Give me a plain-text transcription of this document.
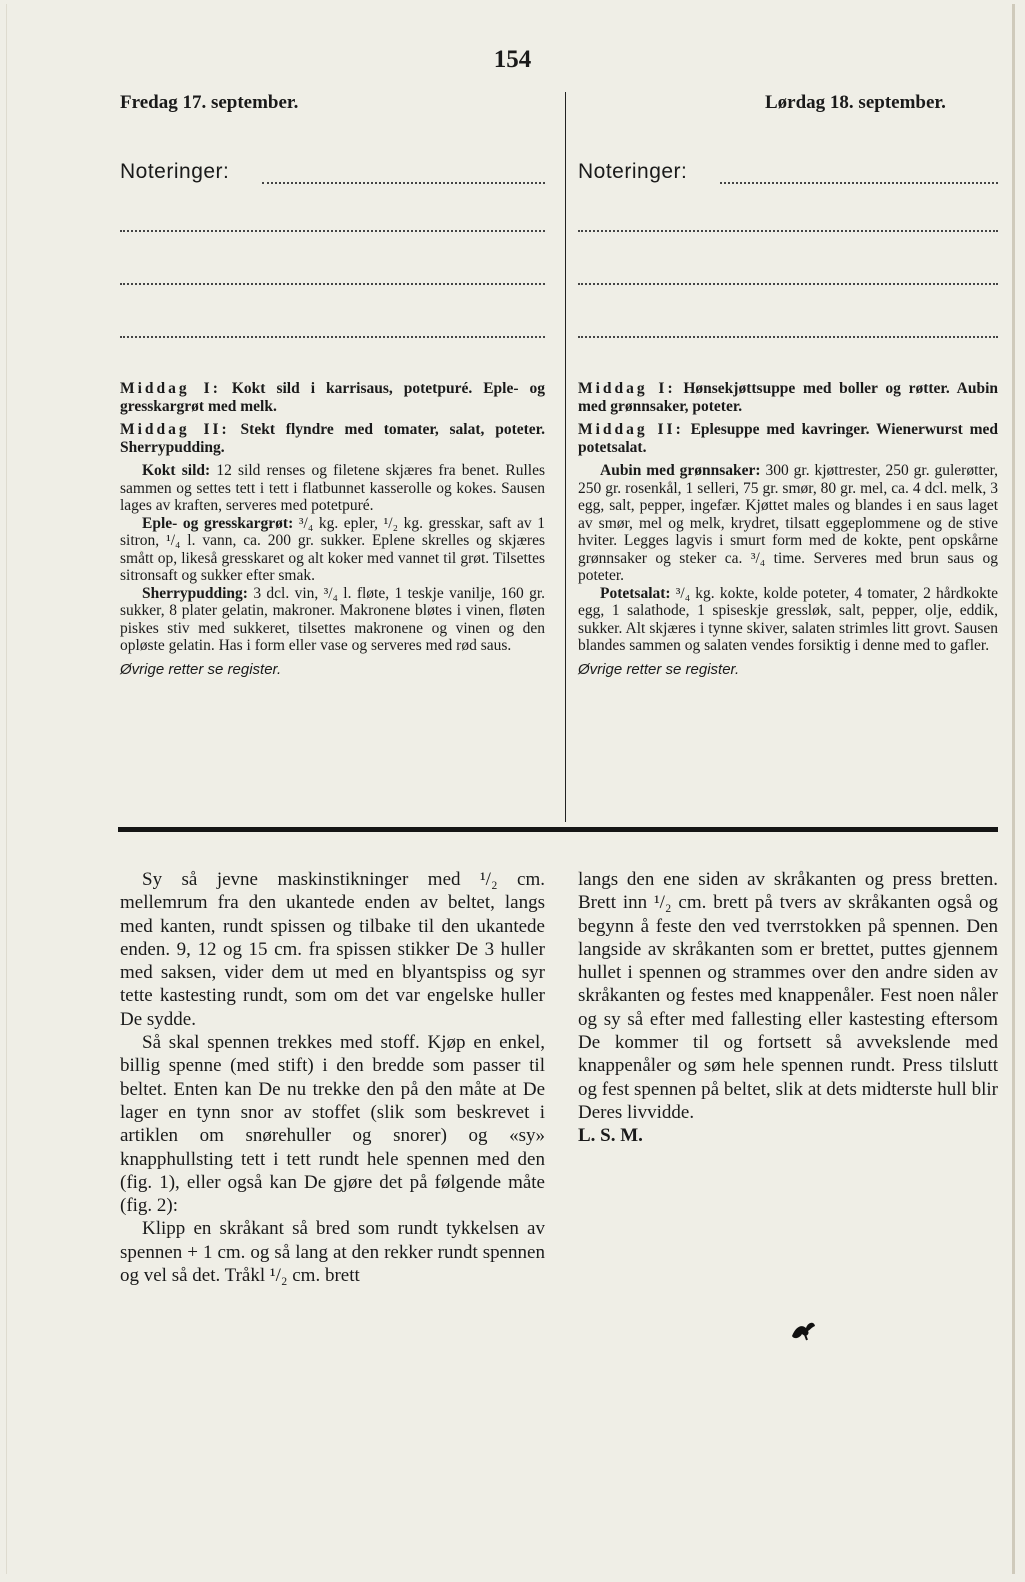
154
Fredag 17. september.	Lørdag 18. september.
Noteringer:	Noteringer:

Middag I: Kokt sild i karrisaus, potetpuré. Eple- og gresskargrøt med melk.

Middag II: Stekt flyndre med tomater, salat, poteter. Sherrypudding.

Kokt sild: 12 sild renses og filetene skjæres fra benet. Rulles sammen og settes tett i tett i flatbunnet kasserolle og kokes. Sausen lages av kraften, serveres med potetpuré.

Eple- og gresskargrøt: ³/₄ kg. epler, ¹/₂ kg. gresskar, saft av 1 sitron, ¹/₄ l. vann, ca. 200 gr. sukker. Eplene skrelles og skjæres smått op, likeså gresskaret og alt koker med vannet til grøt. Tilsettes sitronsaft og sukker efter smak.

Sherrypudding: 3 dcl. vin, ³/₄ l. fløte, 1 teskje vanilje, 160 gr. sukker, 8 plater gelatin, makroner. Makronene bløtes i vinen, fløten piskes stiv med sukkeret, tilsettes makronene og vinen og den opløste gelatin. Has i form eller vase og serveres med rød saus.

Øvrige retter se register.

Middag I: Hønsekjøttsuppe med boller og røtter. Aubin med grønnsaker, poteter.

Middag II: Eplesuppe med kavringer. Wienerwurst med potetsalat.

Aubin med grønnsaker: 300 gr. kjøttrester, 250 gr. gulerøtter, 250 gr. rosenkål, 1 selleri, 75 gr. smør, 80 gr. mel, ca. 4 dcl. melk, 3 egg, salt, pepper, ingefær. Kjøttet males og blandes i en saus laget av smør, mel og melk, krydret, tilsatt eggeplommene og de stive hviter. Legges lagvis i smurt form med de kokte, pent opskårne grønnsaker og steker ca. ³/₄ time. Serveres med brun saus og poteter.

Potetsalat: ³/₄ kg. kokte, kolde poteter, 4 tomater, 2 hårdkokte egg, 1 salathode, 1 spiseskje gressløk, salt, pepper, olje, eddik, sukker. Alt skjæres i tynne skiver, salaten strimles litt grovt. Sausen blandes sammen og salaten vendes forsiktig i denne med to gafler.

Øvrige retter se register.

Sy så jevne maskinstikninger med ¹/₂ cm. mellemrum fra den ukantede enden av beltet, langs med kanten, rundt spissen og tilbake til den ukantede enden. 9, 12 og 15 cm. fra spissen stikker De 3 huller med saksen, vider dem ut med en blyantspiss og syr tette kastesting rundt, som om det var engelske huller De sydde.

Så skal spennen trekkes med stoff. Kjøp en enkel, billig spenne (med stift) i den bredde som passer til beltet. Enten kan De nu trekke den på den måte at De lager en tynn snor av stoffet (slik som beskrevet i artiklen om snørehuller og snorer) og «sy» knapphullsting tett i tett rundt hele spennen med den (fig. 1), eller også kan De gjøre det på følgende måte (fig. 2):

Klipp en skråkant så bred som rundt tykkelsen av spennen + 1 cm. og så lang at den rekker rundt spennen og vel så det. Tråkl ¹/₂ cm. brett

langs den ene siden av skråkanten og press bretten. Brett inn ¹/₂ cm. brett på tvers av skråkanten også og begynn å feste den ved tverrstokken på spennen. Den langside av skråkanten som er brettet, puttes gjennem hullet i spennen og strammes over den andre siden av skråkanten og festes med knappenåler. Fest noen nåler og sy så efter med fallesting eller kastesting eftersom De kommer til og fortsett så avvekslende med knappenåler og søm hele spennen rundt. Press tilslutt og fest spennen på beltet, slik at dets midterste hull blir Deres livvidde.

L. S. M.
